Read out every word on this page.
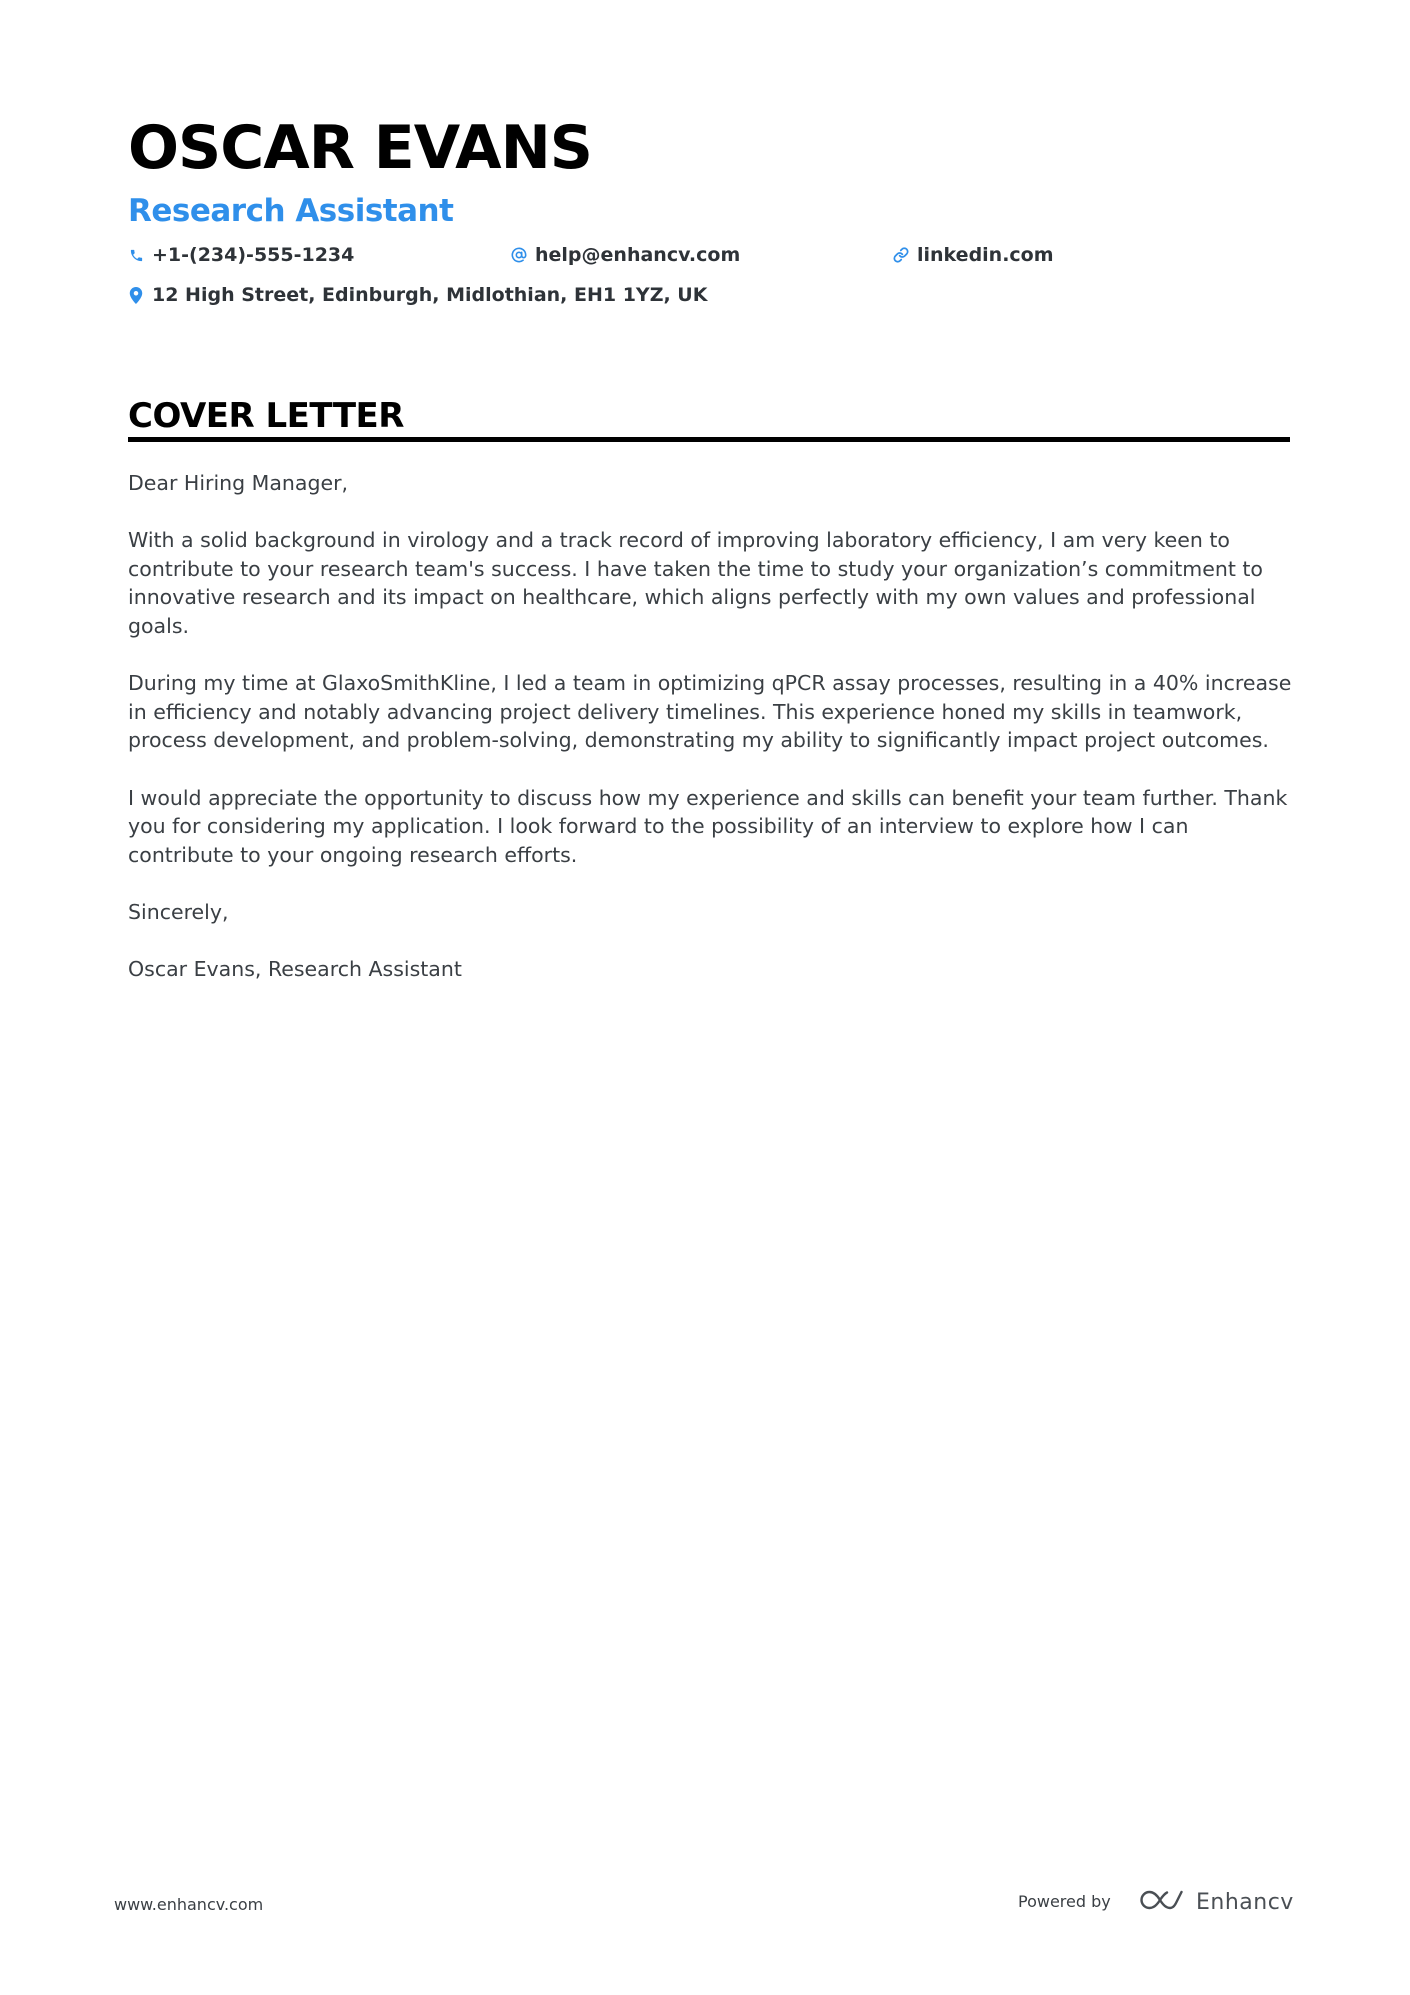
OSCAR EVANS
Research Assistant
+1-(234)-555-1234	help@enhancv.com	linkedin.com
12 High Street, Edinburgh, Midlothian, EH1 1YZ, UK
COVER LETTER

Dear Hiring Manager,

With a solid background in virology and a track record of improving laboratory efficiency, I am very keen to contribute to your research team's success. I have taken the time to study your organization’s commitment to innovative research and its impact on healthcare, which aligns perfectly with my own values and professional goals.

During my time at GlaxoSmithKline, I led a team in optimizing qPCR assay processes, resulting in a 40% increase in efficiency and notably advancing project delivery timelines. This experience honed my skills in teamwork, process development, and problem-solving, demonstrating my ability to significantly impact project outcomes.

I would appreciate the opportunity to discuss how my experience and skills can benefit your team further. Thank you for considering my application. I look forward to the possibility of an interview to explore how I can contribute to your ongoing research efforts.

Sincerely,

Oscar Evans, Research Assistant

www.enhancv.com	Powered by	Enhancv
